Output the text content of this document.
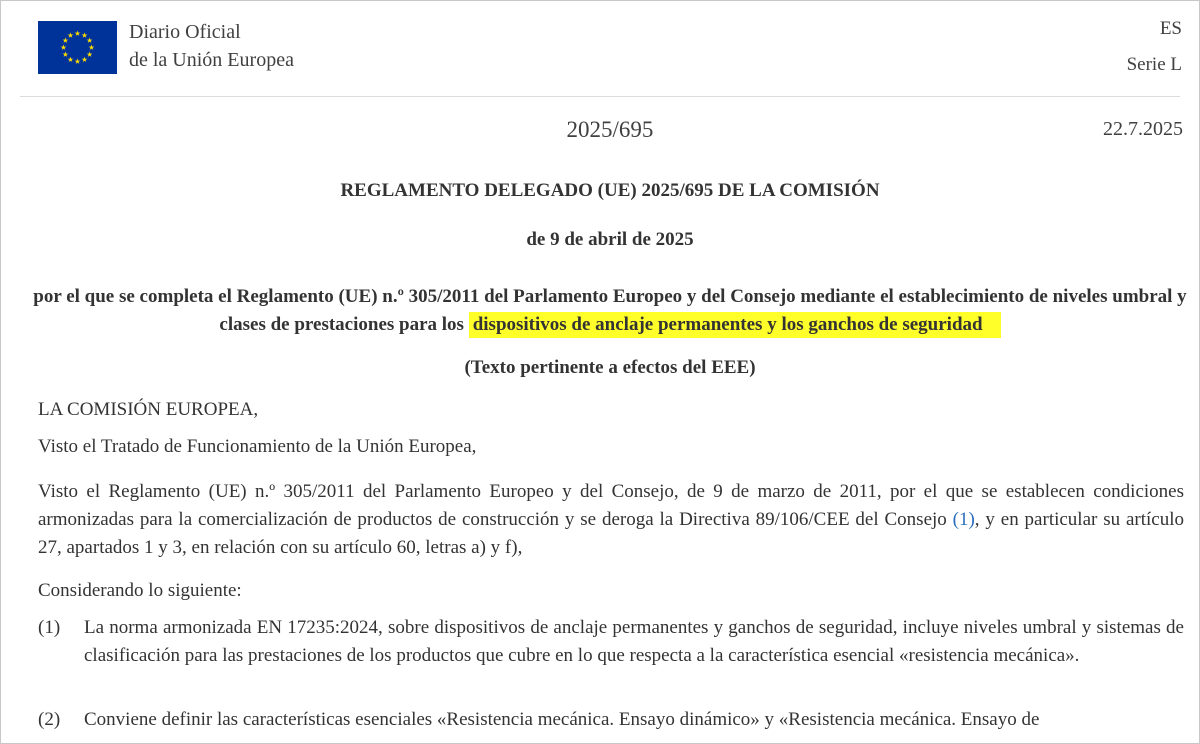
Diario Oficial
de la Unión Europea
ES
Serie L
2025/695	22.7.2025
REGLAMENTO DELEGADO (UE) 2025/695 DE LA COMISIÓN
de 9 de abril de 2025
por el que se completa el Reglamento (UE) n.º 305/2011 del Parlamento Europeo y del Consejo mediante el establecimiento de niveles umbral y clases de prestaciones para los dispositivos de anclaje permanentes y los ganchos de seguridad
(Texto pertinente a efectos del EEE)
LA COMISIÓN EUROPEA,
Visto el Tratado de Funcionamiento de la Unión Europea,
Visto el Reglamento (UE) n.º 305/2011 del Parlamento Europeo y del Consejo, de 9 de marzo de 2011, por el que se establecen condiciones armonizadas para la comercialización de productos de construcción y se deroga la Directiva 89/106/CEE del Consejo (1), y en particular su artículo 27, apartados 1 y 3, en relación con su artículo 60, letras a) y f),
Considerando lo siguiente:
(1) La norma armonizada EN 17235:2024, sobre dispositivos de anclaje permanentes y ganchos de seguridad, incluye niveles umbral y sistemas de clasificación para las prestaciones de los productos que cubre en lo que respecta a la característica esencial «resistencia mecánica».
(2) Conviene definir las características esenciales «Resistencia mecánica. Ensayo dinámico» y «Resistencia mecánica. Ensayo de
